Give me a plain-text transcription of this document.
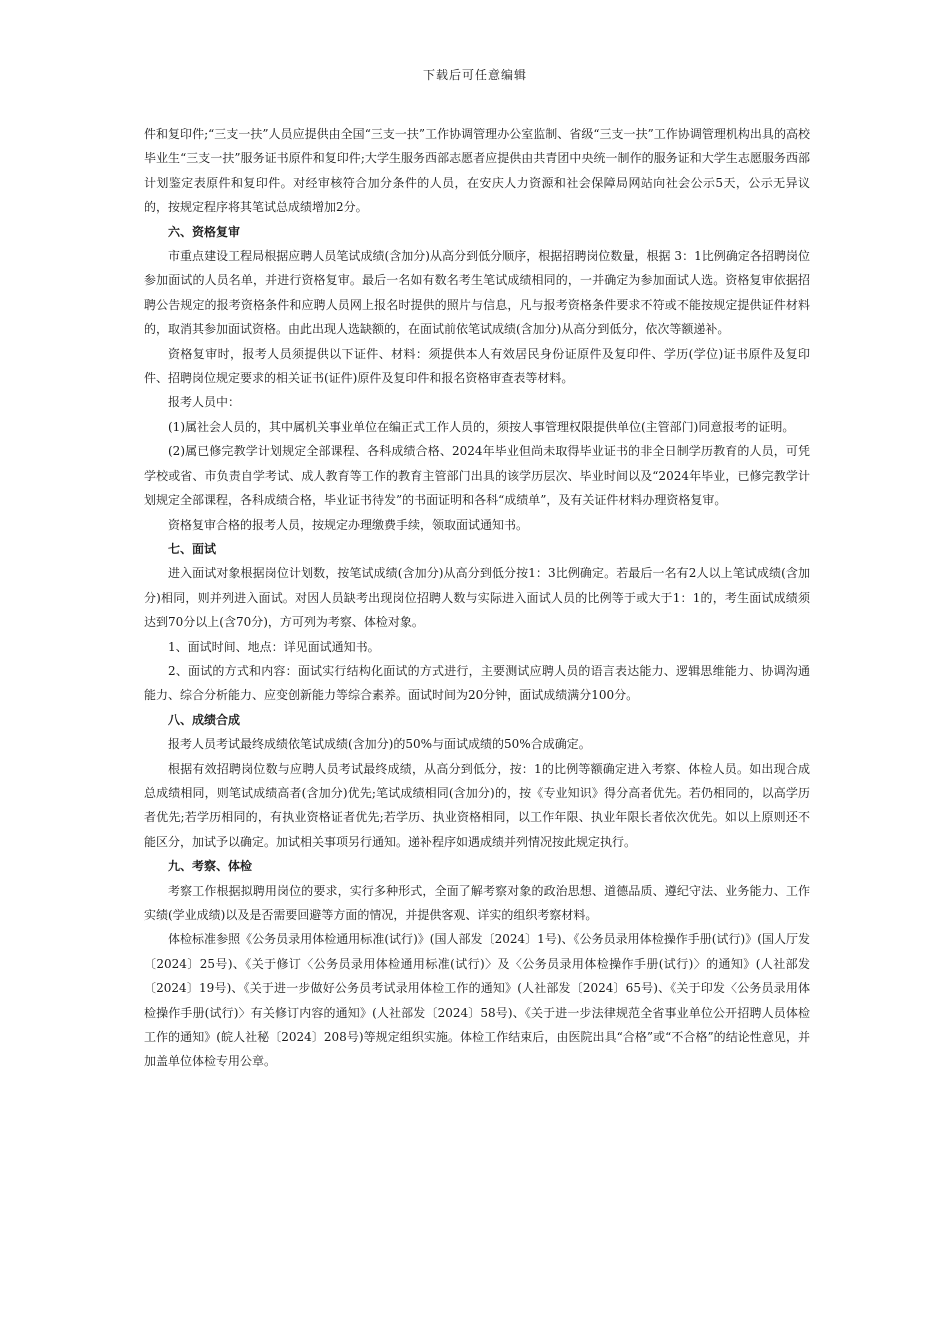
下载后可任意编辑

件和复印件;“三支一扶”人员应提供由全国“三支一扶”工作协调管理办公室监制、省级“三支一扶”工作协调管理机构出具的高校毕业生“三支一扶”服务证书原件和复印件;大学生服务西部志愿者应提供由共青团中央统一制作的服务证和大学生志愿服务西部计划鉴定表原件和复印件。对经审核符合加分条件的人员，在安庆人力资源和社会保障局网站向社会公示5天，公示无异议的，按规定程序将其笔试总成绩增加2分。

六、资格复审

市重点建设工程局根据应聘人员笔试成绩(含加分)从高分到低分顺序，根据招聘岗位数量，根据 3：1比例确定各招聘岗位参加面试的人员名单，并进行资格复审。最后一名如有数名考生笔试成绩相同的，一并确定为参加面试人选。资格复审依据招聘公告规定的报考资格条件和应聘人员网上报名时提供的照片与信息，凡与报考资格条件要求不符或不能按规定提供证件材料的，取消其参加面试资格。由此出现人选缺额的，在面试前依笔试成绩(含加分)从高分到低分，依次等额递补。

资格复审时，报考人员须提供以下证件、材料：须提供本人有效居民身份证原件及复印件、学历(学位)证书原件及复印件、招聘岗位规定要求的相关证书(证件)原件及复印件和报名资格审查表等材料。

报考人员中：

(1)属社会人员的，其中属机关事业单位在编正式工作人员的，须按人事管理权限提供单位(主管部门)同意报考的证明。

(2)属已修完教学计划规定全部课程、各科成绩合格、2024年毕业但尚未取得毕业证书的非全日制学历教育的人员，可凭学校或省、市负责自学考试、成人教育等工作的教育主管部门出具的该学历层次、毕业时间以及“2024年毕业，已修完教学计划规定全部课程，各科成绩合格，毕业证书待发”的书面证明和各科“成绩单”，及有关证件材料办理资格复审。

资格复审合格的报考人员，按规定办理缴费手续，领取面试通知书。

七、面试

进入面试对象根据岗位计划数，按笔试成绩(含加分)从高分到低分按1：3比例确定。若最后一名有2人以上笔试成绩(含加分)相同，则并列进入面试。对因人员缺考出现岗位招聘人数与实际进入面试人员的比例等于或大于1：1的，考生面试成绩须达到70分以上(含70分)，方可列为考察、体检对象。

1、面试时间、地点：详见面试通知书。

2、面试的方式和内容：面试实行结构化面试的方式进行，主要测试应聘人员的语言表达能力、逻辑思维能力、协调沟通能力、综合分析能力、应变创新能力等综合素养。面试时间为20分钟，面试成绩满分100分。

八、成绩合成

报考人员考试最终成绩依笔试成绩(含加分)的50%与面试成绩的50%合成确定。

根据有效招聘岗位数与应聘人员考试最终成绩，从高分到低分，按：1的比例等额确定进入考察、体检人员。如出现合成总成绩相同，则笔试成绩高者(含加分)优先;笔试成绩相同(含加分)的，按《专业知识》得分高者优先。若仍相同的，以高学历者优先;若学历相同的，有执业资格证者优先;若学历、执业资格相同，以工作年限、执业年限长者依次优先。如以上原则还不能区分，加试予以确定。加试相关事项另行通知。递补程序如遇成绩并列情况按此规定执行。

九、考察、体检

考察工作根据拟聘用岗位的要求，实行多种形式，全面了解考察对象的政治思想、道德品质、遵纪守法、业务能力、工作实绩(学业成绩)以及是否需要回避等方面的情况，并提供客观、详实的组织考察材料。

体检标准参照《公务员录用体检通用标准(试行)》(国人部发〔2024〕1号)、《公务员录用体检操作手册(试行)》(国人厅发〔2024〕25号)、《关于修订〈公务员录用体检通用标准(试行)〉及〈公务员录用体检操作手册(试行)〉的通知》(人社部发〔2024〕19号)、《关于进一步做好公务员考试录用体检工作的通知》(人社部发〔2024〕65号)、《关于印发〈公务员录用体检操作手册(试行)〉有关修订内容的通知》(人社部发〔2024〕58号)、《关于进一步法律规范全省事业单位公开招聘人员体检工作的通知》(皖人社秘〔2024〕208号)等规定组织实施。体检工作结束后，由医院出具“合格”或“不合格”的结论性意见，并加盖单位体检专用公章。
